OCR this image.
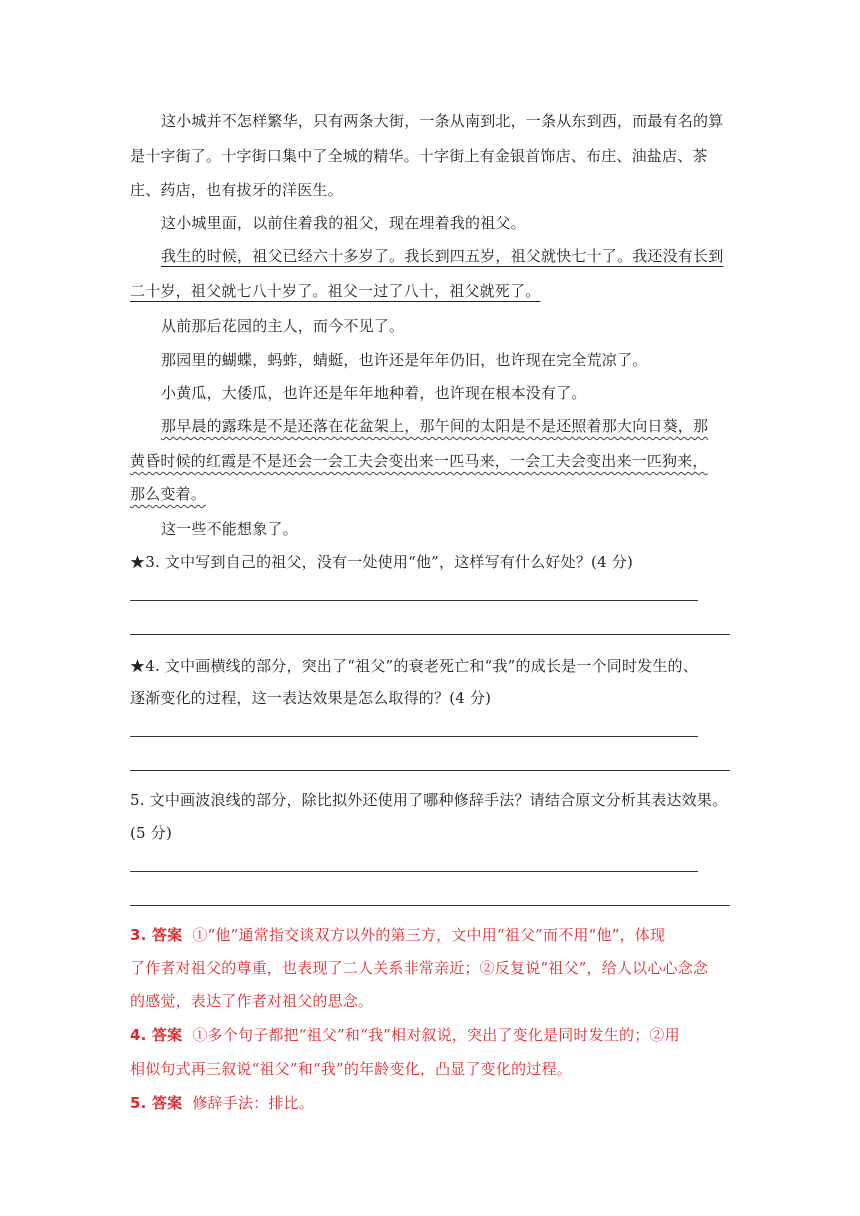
这小城并不怎样繁华，只有两条大街，一条从南到北，一条从东到西，而最有名的算
是十字街了。十字街口集中了全城的精华。十字街上有金银首饰店、布庄、油盐店、茶
庄、药店，也有拔牙的洋医生。
这小城里面，以前住着我的祖父，现在埋着我的祖父。
我生的时候，祖父已经六十多岁了。我长到四五岁，祖父就快七十了。我还没有长到
二十岁，祖父就七八十岁了。祖父一过了八十，祖父就死了。
从前那后花园的主人，而今不见了。
那园里的蝴蝶，蚂蚱，蜻蜓，也许还是年年仍旧，也许现在完全荒凉了。
小黄瓜，大倭瓜，也许还是年年地种着，也许现在根本没有了。
那早晨的露珠是不是还落在花盆架上，那午间的太阳是不是还照着那大向日葵，那
黄昏时候的红霞是不是还会一会工夫会变出来一匹马来，一会工夫会变出来一匹狗来，
那么变着。
这一些不能想象了。
★3. 文中写到自己的祖父，没有一处使用“他”，这样写有什么好处？(4 分)
★4. 文中画横线的部分，突出了“祖父”的衰老死亡和“我”的成长是一个同时发生的、
逐渐变化的过程，这一表达效果是怎么取得的？(4 分)
5. 文中画波浪线的部分，除比拟外还使用了哪种修辞手法？请结合原文分析其表达效果。
(5 分)
3. 答案 ①“他”通常指交谈双方以外的第三方，文中用“祖父”而不用“他”，体现
了作者对祖父的尊重，也表现了二人关系非常亲近；②反复说“祖父”，给人以心心念念
的感觉，表达了作者对祖父的思念。
4. 答案 ①多个句子都把“祖父”和“我”相对叙说，突出了变化是同时发生的；②用
相似句式再三叙说“祖父”和“我”的年龄变化，凸显了变化的过程。
5. 答案 修辞手法：排比。
